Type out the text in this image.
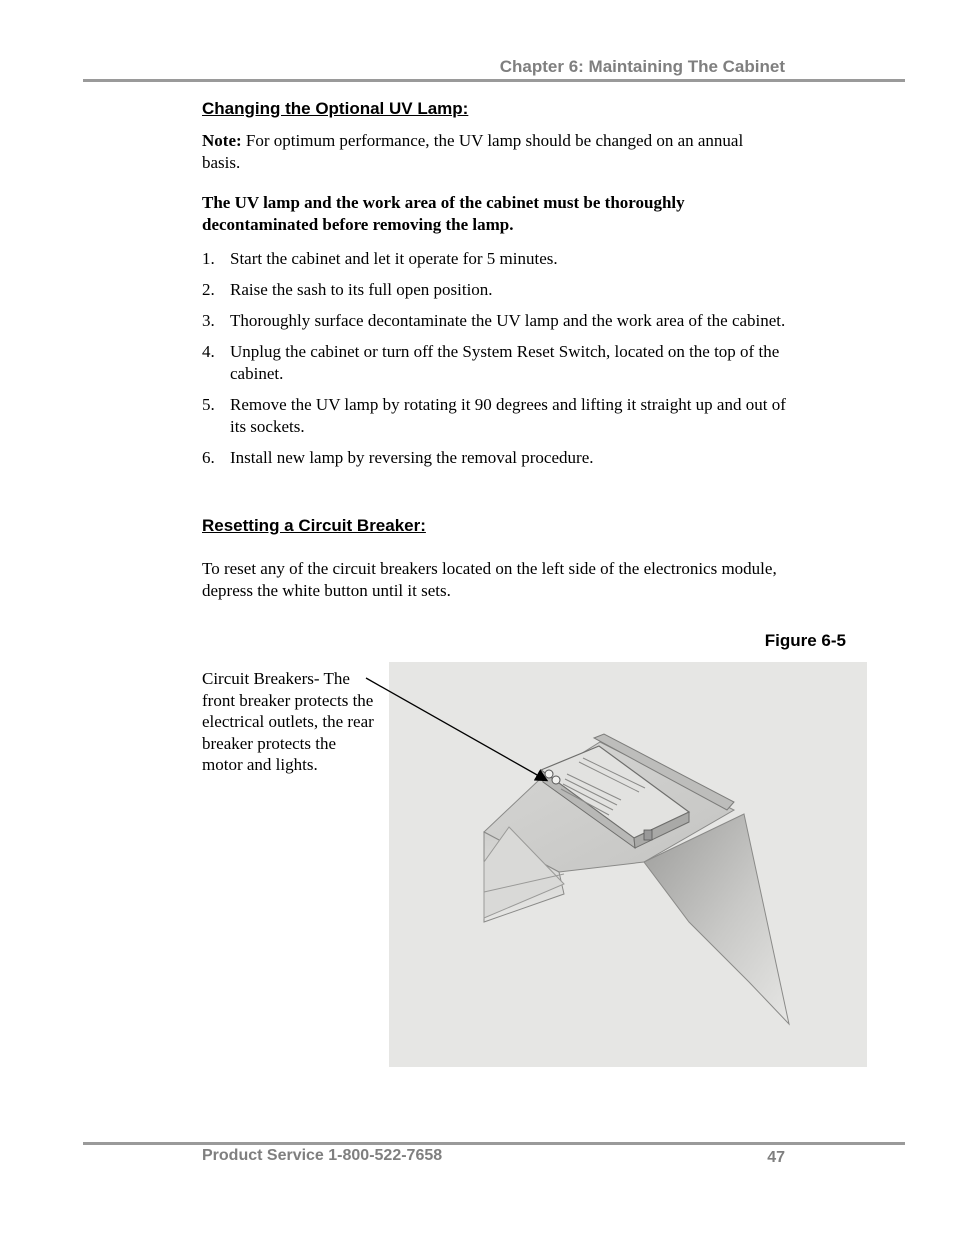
Chapter 6: Maintaining The Cabinet
Changing the Optional UV Lamp:
Note: For optimum performance, the UV lamp should be changed on an annual basis.
The UV lamp and the work area of the cabinet must be thoroughly decontaminated before removing the lamp.
1. Start the cabinet and let it operate for 5 minutes.
2. Raise the sash to its full open position.
3. Thoroughly surface decontaminate the UV lamp and the work area of the cabinet.
4. Unplug the cabinet or turn off the System Reset Switch, located on the top of the cabinet.
5. Remove the UV lamp by rotating it 90 degrees and lifting it straight up and out of its sockets.
6. Install new lamp by reversing the removal procedure.
Resetting a Circuit Breaker:
To reset any of the circuit breakers located on the left side of the electronics module, depress the white button until it sets.
Figure 6-5
Circuit Breakers- The front breaker protects the electrical outlets, the rear breaker protects the motor and lights.
Product Service 1-800-522-7658	47
